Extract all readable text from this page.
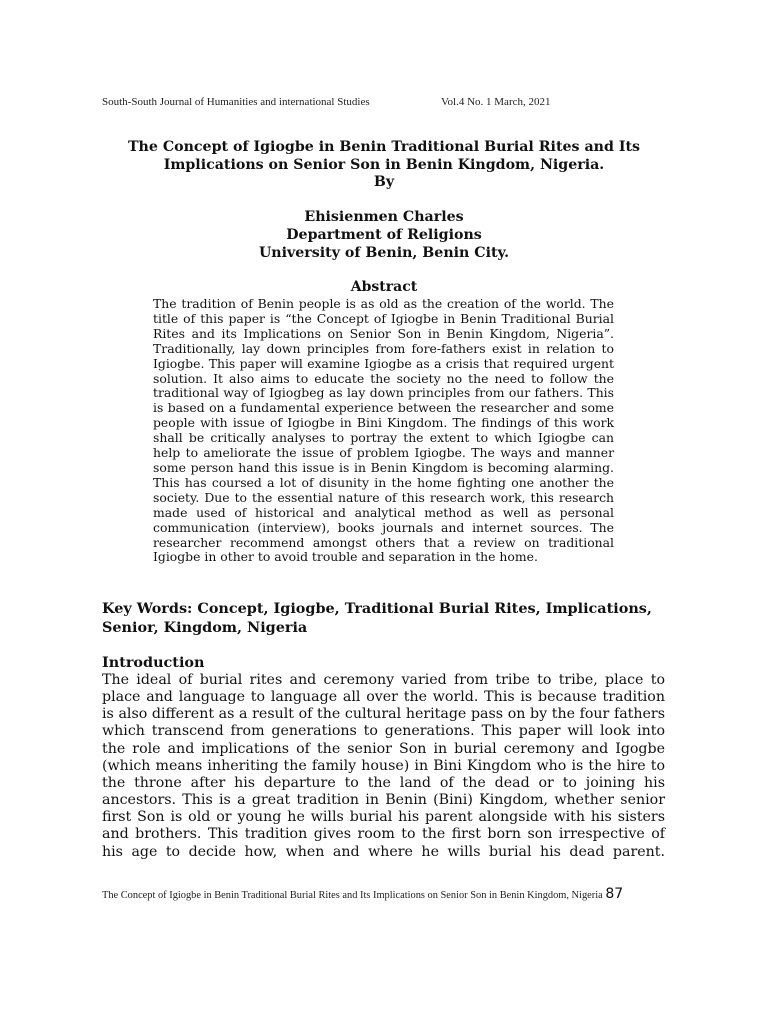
South-South Journal of Humanities and international Studies	Vol.4 No. 1 March, 2021
The Concept of Igiogbe in Benin Traditional Burial Rites and Its
Implications on Senior Son in Benin Kingdom, Nigeria.
By
Ehisienmen Charles
Department of Religions
University of Benin, Benin City.
Abstract
The tradition of Benin people is as old as the creation of the world. The title of this paper is “the Concept of Igiogbe in Benin Traditional Burial Rites and its Implications on Senior Son in Benin Kingdom, Nigeria”. Traditionally, lay down principles from fore-fathers exist in relation to Igiogbe. This paper will examine Igiogbe as a crisis that required urgent solution. It also aims to educate the society no the need to follow the traditional way of Igiogbeg as lay down principles from our fathers. This is based on a fundamental experience between the researcher and some people with issue of Igiogbe in Bini Kingdom. The findings of this work shall be critically analyses to portray the extent to which Igiogbe can help to ameliorate the issue of problem Igiogbe. The ways and manner some person hand this issue is in Benin Kingdom is becoming alarming. This has coursed a lot of disunity in the home fighting one another the society. Due to the essential nature of this research work, this research made used of historical and analytical method as well as personal communication (interview), books journals and internet sources. The researcher recommend amongst others that a review on traditional Igiogbe in other to avoid trouble and separation in the home.
Key Words: Concept, Igiogbe, Traditional Burial Rites, Implications, Senior, Kingdom, Nigeria
Introduction
The ideal of burial rites and ceremony varied from tribe to tribe, place to place and language to language all over the world. This is because tradition is also different as a result of the cultural heritage pass on by the four fathers which transcend from generations to generations. This paper will look into the role and implications of the senior Son in burial ceremony and Igogbe (which means inheriting the family house) in Bini Kingdom who is the hire to the throne after his departure to the land of the dead or to joining his ancestors. This is a great tradition in Benin (Bini) Kingdom, whether senior first Son is old or young he wills burial his parent alongside with his sisters and brothers. This tradition gives room to the first born son irrespective of his age to decide how, when and where he wills burial his dead parent.
The Concept of Igiogbe in Benin Traditional Burial Rites and Its Implications on Senior Son in Benin Kingdom, Nigeria 87
